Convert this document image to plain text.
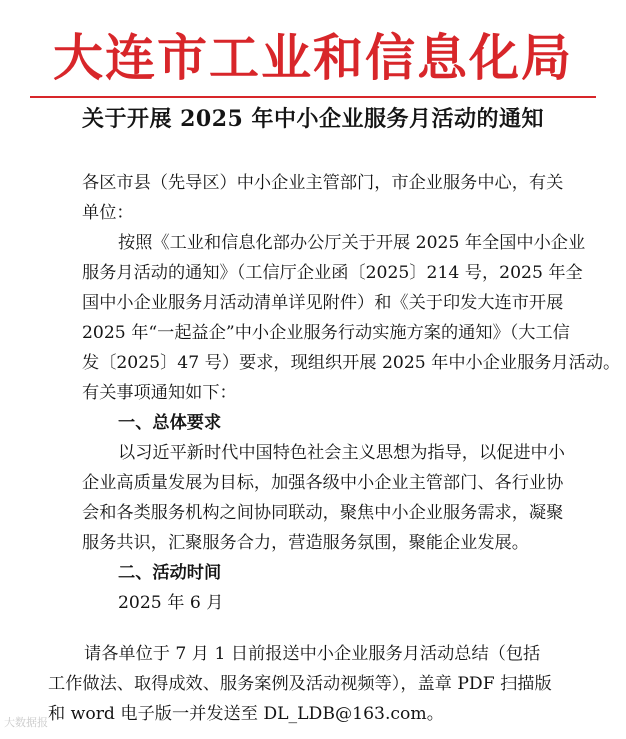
大连市工业和信息化局
关于开展 2025 年中小企业服务月活动的通知
各区市县（先导区）中小企业主管部门，市企业服务中心，有关
单位：
按照《工业和信息化部办公厅关于开展 2025 年全国中小企业
服务月活动的通知》（工信厅企业函〔2025〕214 号，2025 年全
国中小企业服务月活动清单详见附件）和《关于印发大连市开展
2025 年“一起益企”中小企业服务行动实施方案的通知》（大工信
发〔2025〕47 号）要求，现组织开展 2025 年中小企业服务月活动。
有关事项通知如下：
一、总体要求
以习近平新时代中国特色社会主义思想为指导，以促进中小
企业高质量发展为目标，加强各级中小企业主管部门、各行业协
会和各类服务机构之间协同联动，聚焦中小企业服务需求，凝聚
服务共识，汇聚服务合力，营造服务氛围，聚能企业发展。
二、活动时间
2025 年 6 月
请各单位于 7 月 1 日前报送中小企业服务月活动总结（包括
工作做法、取得成效、服务案例及活动视频等），盖章 PDF 扫描版
和 word 电子版一并发送至 DL_LDB@163.com。
大数据报
